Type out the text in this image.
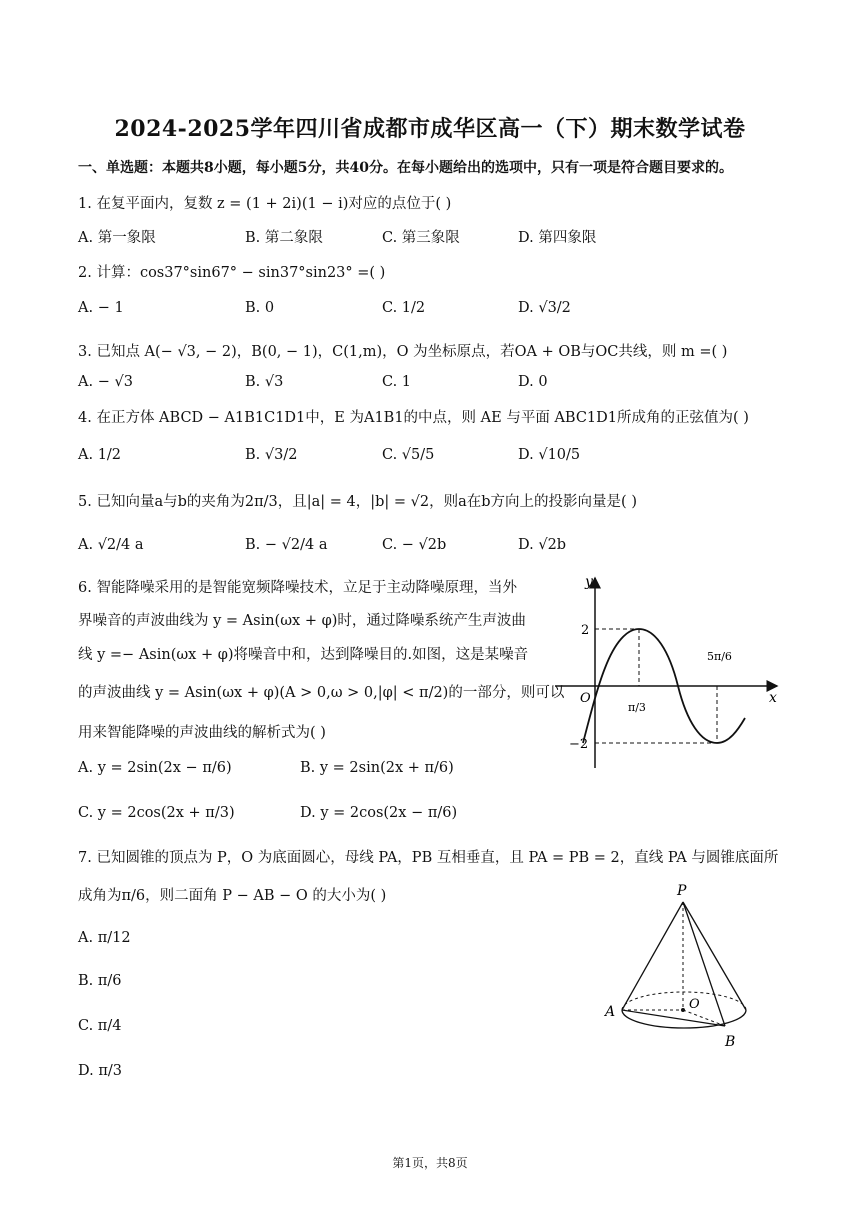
2024-2025学年四川省成都市成华区高一（下）期末数学试卷
一、单选题：本题共8小题，每小题5分，共40分。在每小题给出的选项中，只有一项是符合题目要求的。
1. 在复平面内，复数 z = (1 + 2i)(1 − i)对应的点位于( )
A. 第一象限	B. 第二象限	C. 第三象限	D. 第四象限
2. 计算：cos37°sin67° − sin37°sin23° =( )
A. − 1	B. 0	C. 1/2	D. √3/2
3. 已知点 A(− √3, − 2)，B(0, − 1)，C(1,m)，O 为坐标原点，若OA + OB与OC共线，则 m =( )
A. − √3	B. √3	C. 1	D. 0
4. 在正方体 ABCD − A1B1C1D1中，E 为A1B1的中点，则 AE 与平面 ABC1D1所成角的正弦值为( )
A. 1/2	B. √3/2	C. √5/5	D. √10/5
5. 已知向量a与b的夹角为2π/3，且|a| = 4，|b| = √2，则a在b方向上的投影向量是( )
A. √2/4 a	B. − √2/4 a	C. − √2b	D. √2b
6. 智能降噪采用的是智能宽频降噪技术，立足于主动降噪原理，当外
界噪音的声波曲线为 y = Asin(ωx + φ)时，通过降噪系统产生声波曲
线 y =− Asin(ωx + φ)将噪音中和，达到降噪目的.如图，这是某噪音
的声波曲线 y = Asin(ωx + φ)(A > 0,ω > 0,|φ| < π/2)的一部分，则可以
用来智能降噪的声波曲线的解析式为( )
A. y = 2sin(2x − π/6)	B. y = 2sin(2x + π/6)
C. y = 2cos(2x + π/3)	D. y = 2cos(2x − π/6)
y
x
O
2
−2
π/3
5π/6
7. 已知圆锥的顶点为 P，O 为底面圆心，母线 PA，PB 互相垂直，且 PA = PB = 2，直线 PA 与圆锥底面所
成角为π/6，则二面角 P − AB − O 的大小为( )
A. π/12
B. π/6
C. π/4
D. π/3
P
O
A
B
第1页，共8页
